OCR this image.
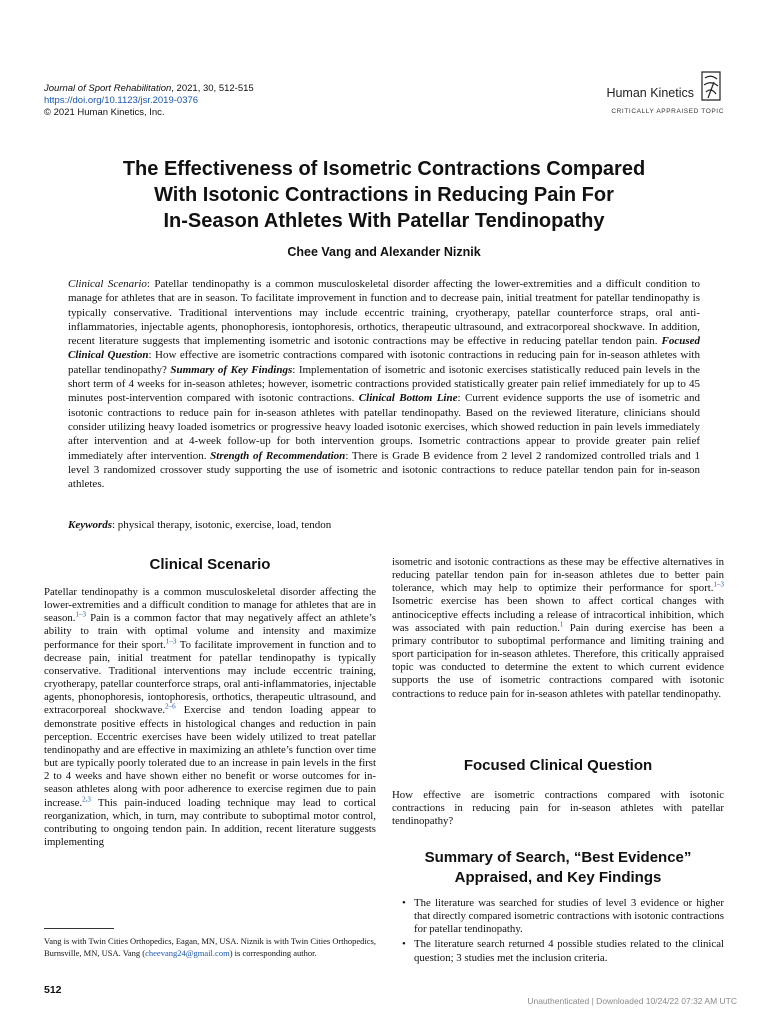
Journal of Sport Rehabilitation, 2021, 30, 512-515
https://doi.org/10.1123/jsr.2019-0376
© 2021 Human Kinetics, Inc.
Human Kinetics
CRITICALLY APPRAISED TOPIC
The Effectiveness of Isometric Contractions Compared
With Isotonic Contractions in Reducing Pain For
In-Season Athletes With Patellar Tendinopathy
Chee Vang and Alexander Niznik
Clinical Scenario: Patellar tendinopathy is a common musculoskeletal disorder affecting the lower-extremities and a difficult condition to manage for athletes that are in season. To facilitate improvement in function and to decrease pain, initial treatment for patellar tendinopathy is typically conservative. Traditional interventions may include eccentric training, cryotherapy, patellar counterforce straps, oral anti-inflammatories, injectable agents, phonophoresis, iontophoresis, orthotics, therapeutic ultrasound, and extracorporeal shockwave. In addition, recent literature suggests that implementing isometric and isotonic contractions may be effective in reducing patellar tendon pain. Focused Clinical Question: How effective are isometric contractions compared with isotonic contractions in reducing pain for in-season athletes with patellar tendinopathy? Summary of Key Findings: Implementation of isometric and isotonic exercises statistically reduced pain levels in the short term of 4 weeks for in-season athletes; however, isometric contractions provided statistically greater pain relief immediately for up to 45 minutes post-intervention compared with isotonic contractions. Clinical Bottom Line: Current evidence supports the use of isometric and isotonic contractions to reduce pain for in-season athletes with patellar tendinopathy. Based on the reviewed literature, clinicians should consider utilizing heavy loaded isometrics or progressive heavy loaded isotonic exercises, which showed reduction in pain levels immediately after intervention and at 4-week follow-up for both intervention groups. Isometric contractions appear to provide greater pain relief immediately after intervention. Strength of Recommendation: There is Grade B evidence from 2 level 2 randomized controlled trials and 1 level 3 randomized crossover study supporting the use of isometric and isotonic contractions to reduce patellar tendon pain for in-season athletes.
Keywords: physical therapy, isotonic, exercise, load, tendon
Clinical Scenario
Patellar tendinopathy is a common musculoskeletal disorder affecting the lower-extremities and a difficult condition to manage for athletes that are in season.$^{1-3}$ Pain is a common factor that may negatively affect an athlete’s ability to train with optimal volume and intensity and maximize performance for their sport.$^{1-3}$ To facilitate improvement in function and to decrease pain, initial treatment for patellar tendinopathy is typically conservative. Traditional interventions may include eccentric training, cryotherapy, patellar counterforce straps, oral anti-inflammatories, injectable agents, phonophoresis, iontophoresis, orthotics, therapeutic ultrasound, and extracorporeal shockwave.$^{2-6}$ Exercise and tendon loading appear to demonstrate positive effects in histological changes and reduction in pain perception. Eccentric exercises have been widely utilized to treat patellar tendinopathy and are effective in maximizing an athlete’s function over time but are typically poorly tolerated due to an increase in pain levels in the first 2 to 4 weeks and have shown either no benefit or worse outcomes for in-season athletes along with poor adherence to exercise regimen due to pain increase.$^{2,3}$ This pain-induced loading technique may lead to cortical reorganization, which, in turn, may contribute to suboptimal motor control, contributing to ongoing tendon pain. In addition, recent literature suggests implementing
Vang is with Twin Cities Orthopedics, Eagan, MN, USA. Niznik is with Twin Cities Orthopedics, Burnsville, MN, USA. Vang (cheevang24@gmail.com) is corresponding author.
512
isometric and isotonic contractions as these may be effective alternatives in reducing patellar tendon pain for in-season athletes due to better pain tolerance, which may help to optimize their performance for sport.$^{1-3}$ Isometric exercise has been shown to affect cortical changes with antinociceptive effects including a release of intracortical inhibition, which was associated with pain reduction.$^1$ Pain during exercise has been a primary contributor to suboptimal performance and limiting training and sport participation for in-season athletes. Therefore, this critically appraised topic was conducted to determine the extent to which current evidence supports the use of isometric contractions compared with isotonic contractions to reduce pain for in-season athletes with patellar tendinopathy.
Focused Clinical Question
How effective are isometric contractions compared with isotonic contractions in reducing pain for in-season athletes with patellar tendinopathy?
Summary of Search, “Best Evidence”
Appraised, and Key Findings
• The literature was searched for studies of level 3 evidence or higher that directly compared isometric contractions with isotonic contractions for patellar tendinopathy.
• The literature search returned 4 possible studies related to the clinical question; 3 studies met the inclusion criteria.
Unauthenticated | Downloaded 10/24/22 07:32 AM UTC
